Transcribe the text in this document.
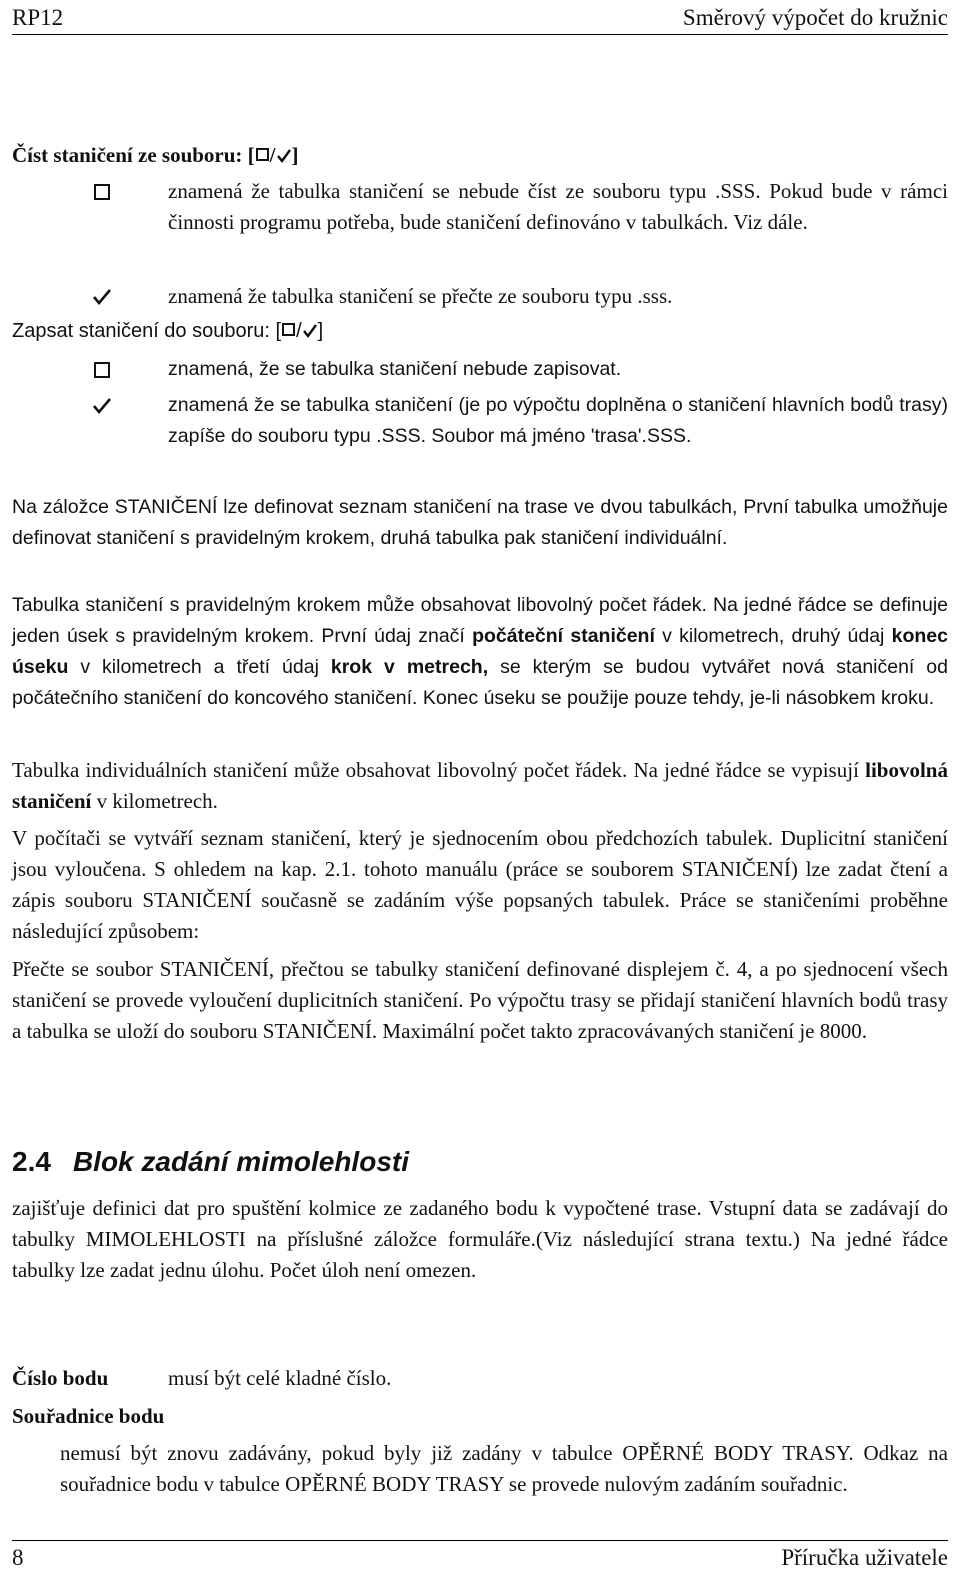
RP12	Směrový výpočet do kružnic
Číst staničení ze souboru: [ / ]
znamená že tabulka staničení se nebude číst ze souboru typu .SSS. Pokud bude v rámci činnosti programu potřeba, bude staničení definováno v tabulkách. Viz dále.
znamená že tabulka staničení se přečte ze souboru typu .sss.
Zapsat staničení do souboru: [ / ]
znamená, že se tabulka staničení nebude zapisovat.
znamená že se tabulka staničení (je po výpočtu doplněna o staničení hlavních bodů trasy) zapíše do souboru typu .SSS. Soubor má jméno 'trasa'.SSS.
Na záložce STANIČENÍ lze definovat seznam staničení na trase ve dvou tabulkách, První tabulka umožňuje definovat staničení s pravidelným krokem, druhá tabulka pak staničení individuální.
Tabulka staničení s pravidelným krokem může obsahovat libovolný počet řádek. Na jedné řádce se definuje jeden úsek s pravidelným krokem. První údaj značí počáteční staničení v kilometrech, druhý údaj konec úseku v kilometrech a třetí údaj krok v metrech, se kterým se budou vytvářet nová staničení od počátečního staničení do koncového staničení. Konec úseku se použije pouze tehdy, je-li násobkem kroku.
Tabulka individuálních staničení může obsahovat libovolný počet řádek. Na jedné řádce se vypisují libovolná staničení v kilometrech.
V počítači se vytváří seznam staničení, který je sjednocením obou předchozích tabulek. Duplicitní staničení jsou vyloučena. S ohledem na kap. 2.1. tohoto manuálu (práce se souborem STANIČENÍ) lze zadat čtení a zápis souboru STANIČENÍ současně se zadáním výše popsaných tabulek. Práce se staničeními proběhne následující způsobem:
Přečte se soubor STANIČENÍ, přečtou se tabulky staničení definované displejem č. 4, a po sjednocení všech staničení se provede vyloučení duplicitních staničení. Po výpočtu trasy se přidají staničení hlavních bodů trasy a tabulka se uloží do souboru STANIČENÍ. Maximální počet takto zpracovávaných staničení je 8000.
2.4 Blok zadání mimolehlosti
zajišťuje definici dat pro spuštění kolmice ze zadaného bodu k vypočtené trase. Vstupní data se zadávají do tabulky MIMOLEHLOSTI na příslušné záložce formuláře.(Viz následující strana textu.) Na jedné řádce tabulky lze zadat jednu úlohu. Počet úloh není omezen.
Číslo bodu	musí být celé kladné číslo.
Souřadnice bodu
nemusí být znovu zadávány, pokud byly již zadány v tabulce OPĚRNÉ BODY TRASY. Odkaz na souřadnice bodu v tabulce OPĚRNÉ BODY TRASY se provede nulovým zadáním souřadnic.
8	Příručka uživatele
